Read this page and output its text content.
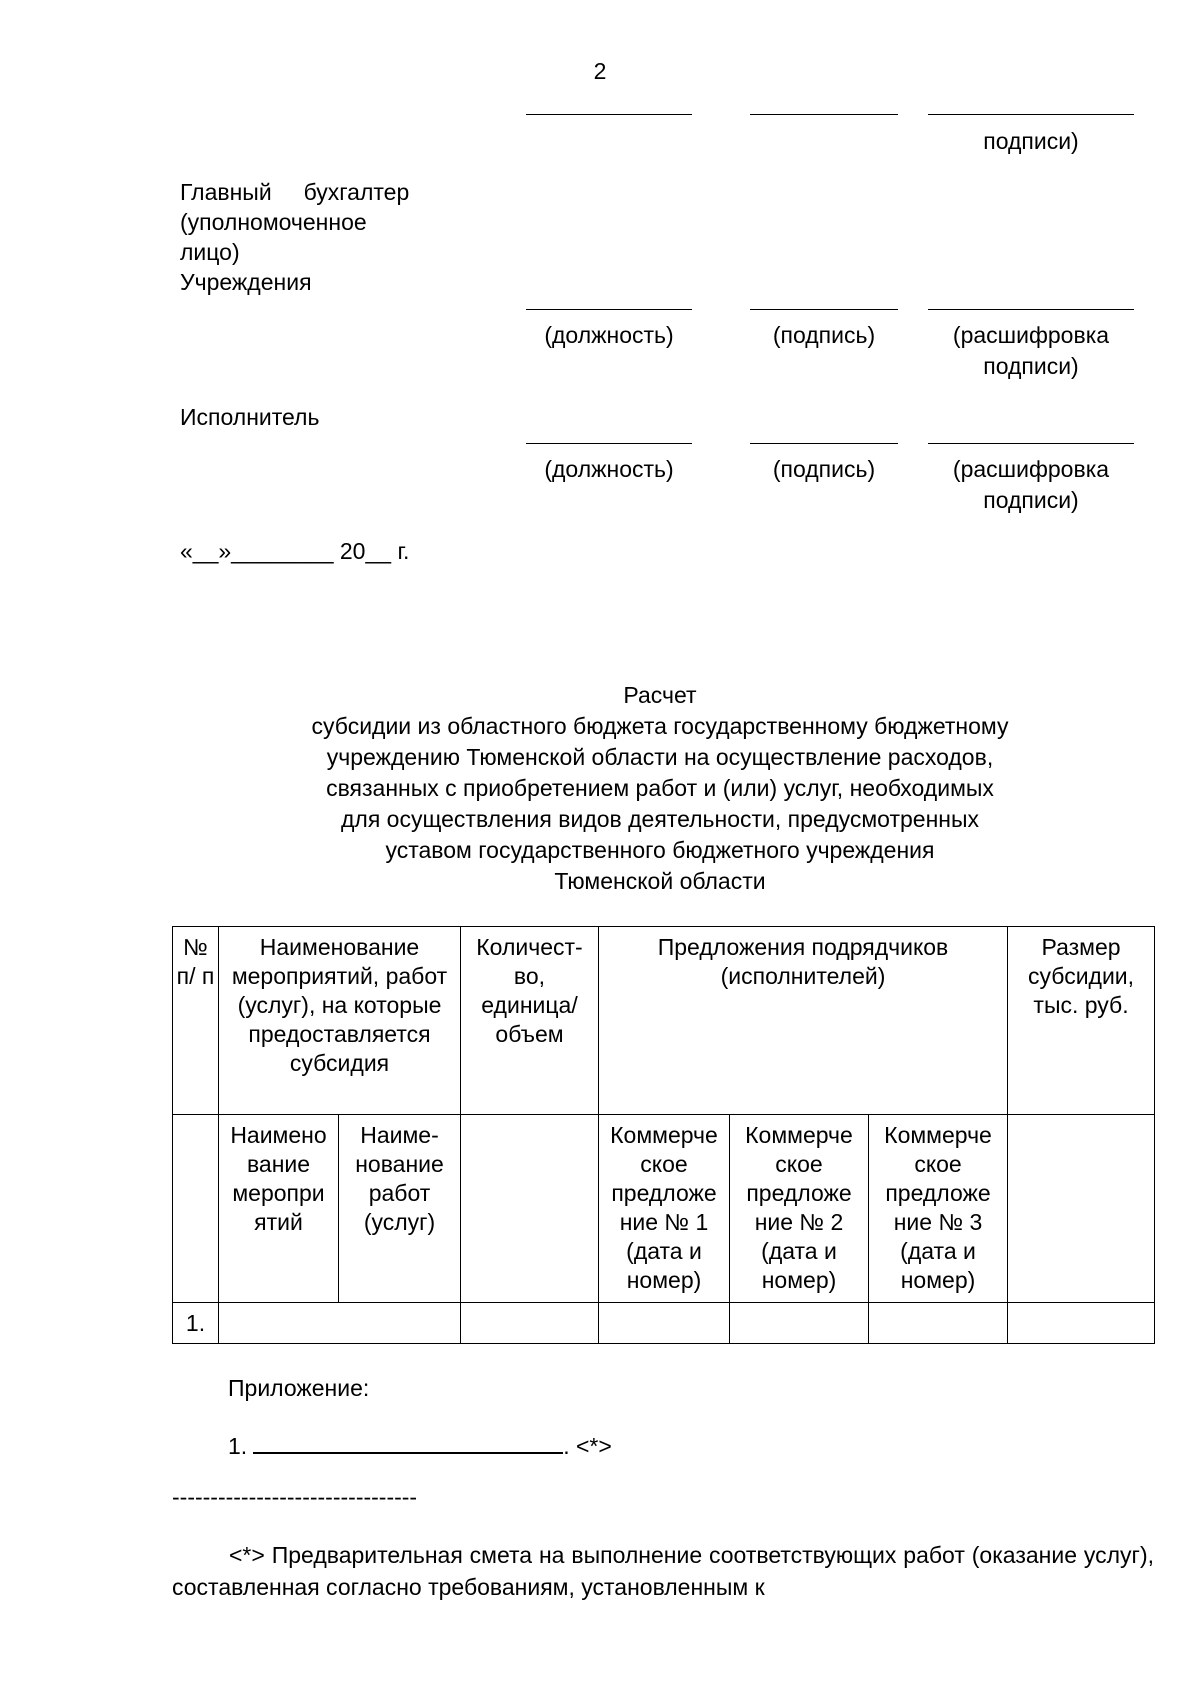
2
подписи)
Главный     бухгалтер
(уполномоченное
лицо)
Учреждения
(должность)	(подпись)	(расшифровка
подписи)
Исполнитель
(должность)	(подпись)	(расшифровка
подписи)
«__»________ 20__ г.
Расчет
субсидии из областного бюджета государственному бюджетному
учреждению Тюменской области на осуществление расходов,
связанных с приобретением работ и (или) услуг, необходимых
для осуществления видов деятельности, предусмотренных
уставом государственного бюджетного учреждения
Тюменской области
№ п/ п	Наименование мероприятий, работ (услуг), на которые предоставляется субсидия		Количест-во, единица/ объем	Предложения подрядчиков (исполнителей)			Размер субсидии, тыс. руб.
	Наимено вание меропри ятий	Наиме-нование работ (услуг)		Коммерче ское предложе ние № 1 (дата и номер)	Коммерче ское предложе ние № 2 (дата и номер)	Коммерче ское предложе ние № 3 (дата и номер)	
1.							
Приложение:
1.	. <*>
--------------------------------
<*> Предварительная смета на выполнение соответствующих работ (оказание услуг), составленная согласно требованиям, установленным к
